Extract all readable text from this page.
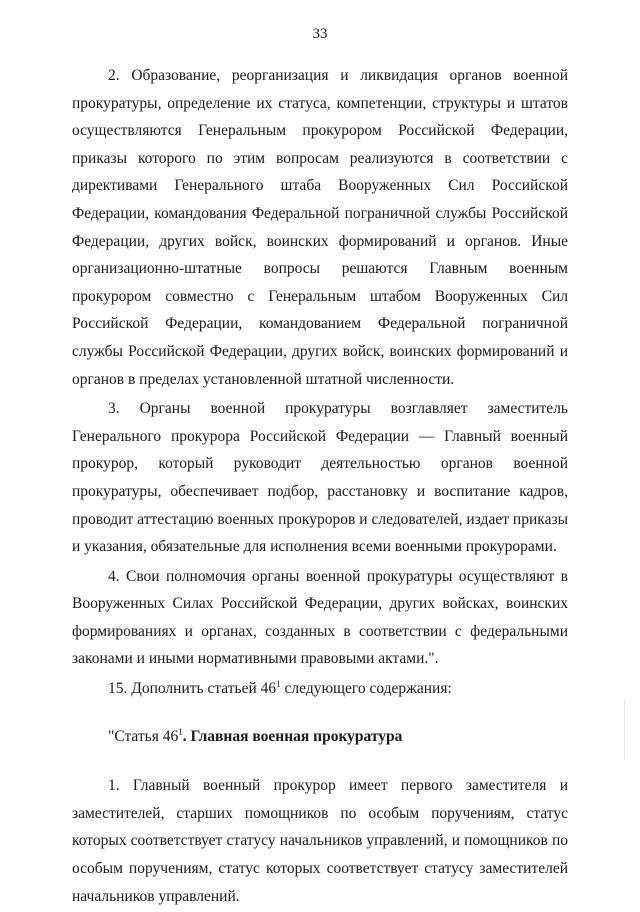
33

2. Образование, реорганизация и ликвидация органов военной прокуратуры, определение их статуса, компетенции, структуры и штатов осуществляются Генеральным прокурором Российской Федерации, приказы которого по этим вопросам реализуются в соответствии с директивами Генерального штаба Вооруженных Сил Российской Федерации, командования Федеральной пограничной службы Российской Федерации, других войск, воинских формирований и органов. Иные организационно-штатные вопросы решаются Главным военным прокурором совместно с Генеральным штабом Вооруженных Сил Российской Федерации, командованием Федеральной пограничной службы Российской Федерации, других войск, воинских формирований и органов в пределах установленной штатной численности.

3. Органы военной прокуратуры возглавляет заместитель Генерального прокурора Российской Федерации — Главный военный прокурор, который руководит деятельностью органов военной прокуратуры, обеспечивает подбор, расстановку и воспитание кадров, проводит аттестацию военных прокуроров и следователей, издает приказы и указания, обязательные для исполнения всеми военными прокурорами.

4. Свои полномочия органы военной прокуратуры осуществляют в Вооруженных Силах Российской Федерации, других войсках, воинских формированиях и органах, созданных в соответствии с федеральными законами и иными нормативными правовыми актами.".

15. Дополнить статьей $46^1$ следующего содержания:

"Статья $46^1$. Главная военная прокуратура

1. Главный военный прокурор имеет первого заместителя и заместителей, старших помощников по особым поручениям, статус которых соответствует статусу начальников управлений, и помощников по особым поручениям, статус которых соответствует статусу заместителей начальников управлений.
